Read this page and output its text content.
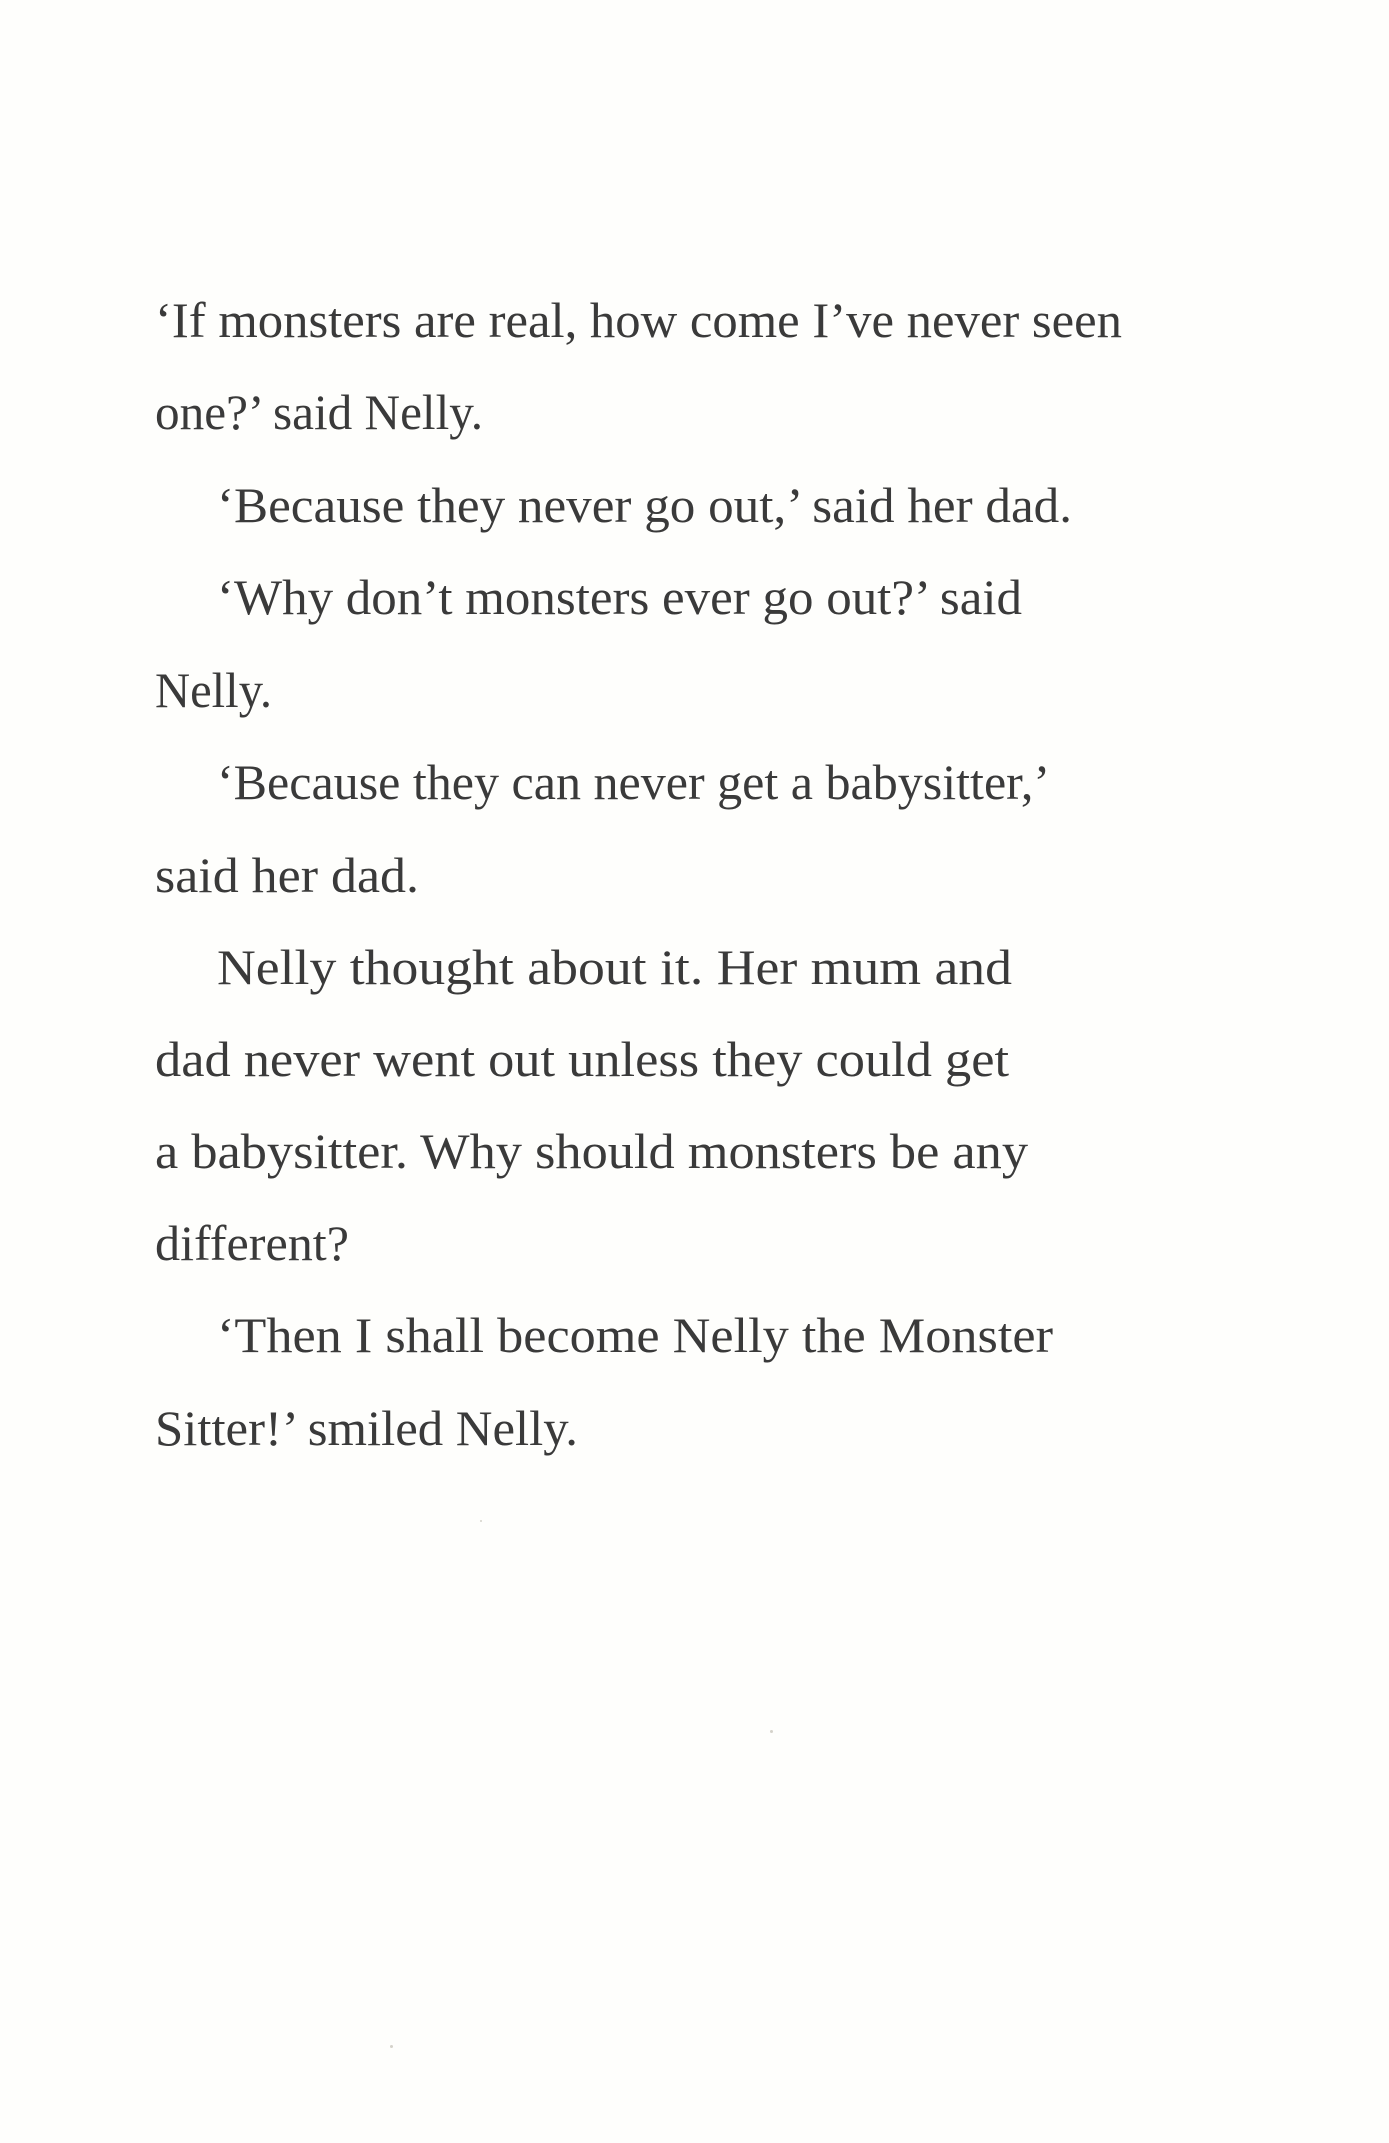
‘If monsters are real, how come I’ve never seen
one?’ said Nelly.
‘Because they never go out,’ said her dad.
‘Why don’t monsters ever go out?’ said
Nelly.
‘Because they can never get a babysitter,’
said her dad.
Nelly thought about it. Her mum and
dad never went out unless they could get
a babysitter. Why should monsters be any
different?
‘Then I shall become Nelly the Monster
Sitter!’ smiled Nelly.
